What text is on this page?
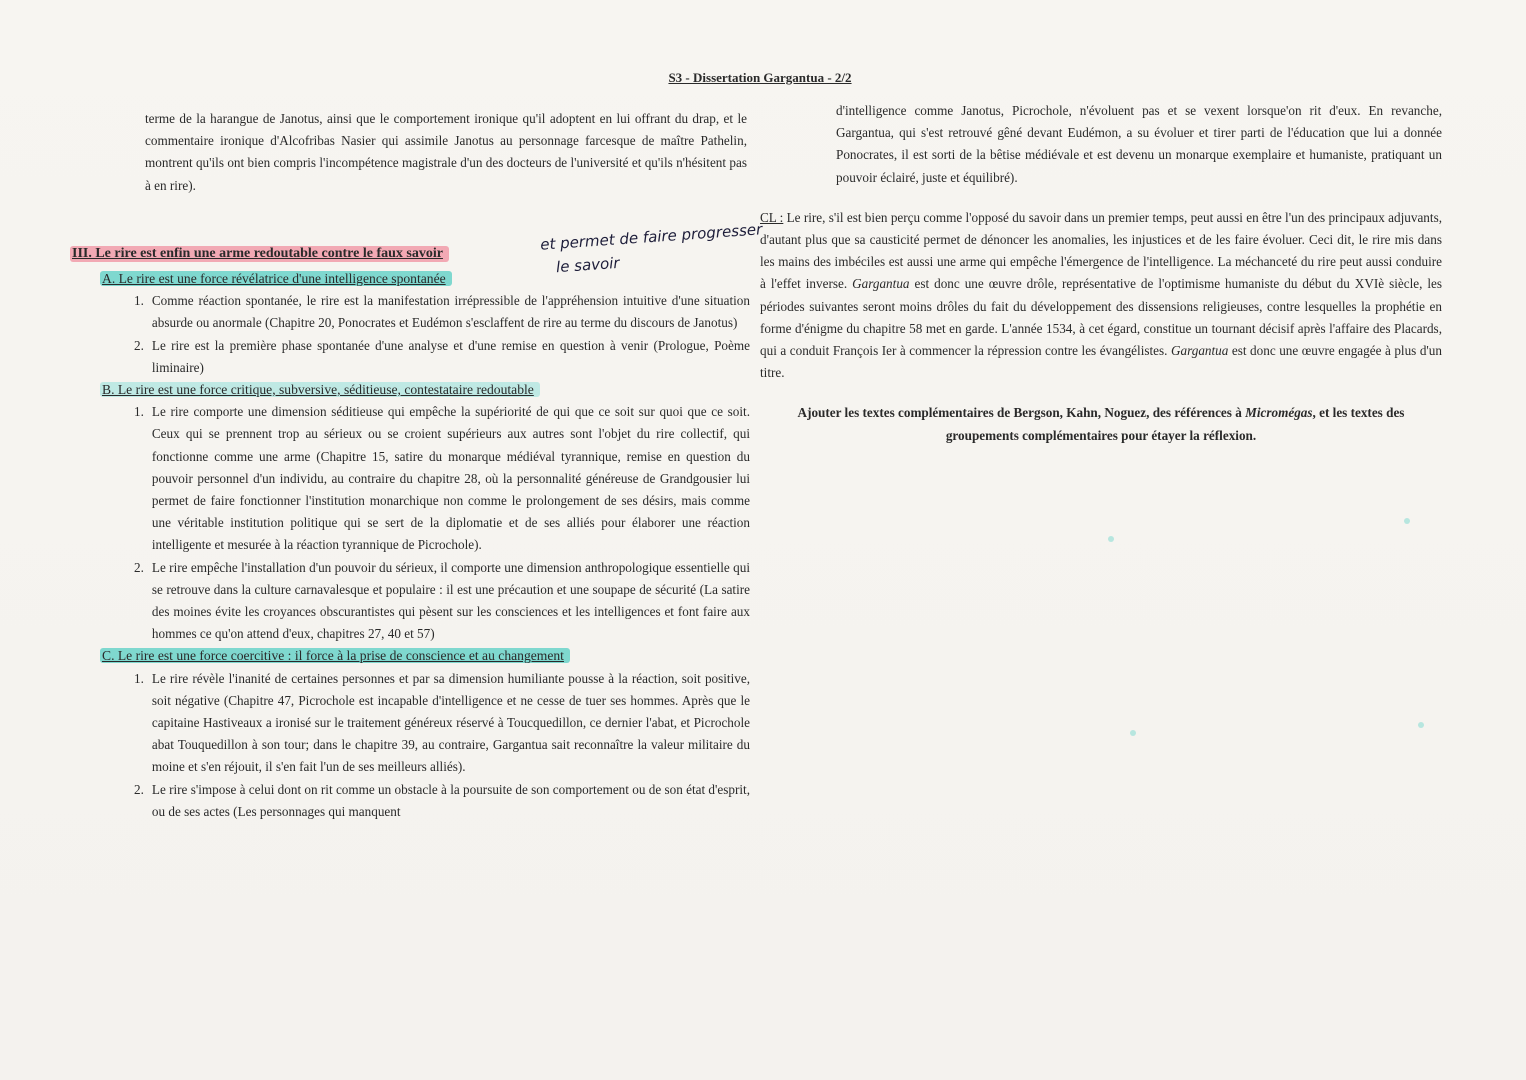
S3 - Dissertation Gargantua - 2/2

terme de la harangue de Janotus, ainsi que le comportement ironique qu'il adoptent en lui offrant du drap, et le commentaire ironique d'Alcofribas Nasier qui assimile Janotus au personnage farcesque de maître Pathelin, montrent qu'ils ont bien compris l'incompétence magistrale d'un des docteurs de l'université et qu'ils n'hésitent pas à en rire).

III. Le rire est enfin une arme redoutable contre le faux savoir	et permet de faire progresser
le savoir
A. Le rire est une force révélatrice d'une intelligence spontanée
1. Comme réaction spontanée, le rire est la manifestation irrépressible de l'appréhension intuitive d'une situation absurde ou anormale (Chapitre 20, Ponocrates et Eudémon s'esclaffent de rire au terme du discours de Janotus)
2. Le rire est la première phase spontanée d'une analyse et d'une remise en question à venir (Prologue, Poème liminaire)
B. Le rire est une force critique, subversive, séditieuse, contestataire redoutable
1. Le rire comporte une dimension séditieuse qui empêche la supériorité de qui que ce soit sur quoi que ce soit. Ceux qui se prennent trop au sérieux ou se croient supérieurs aux autres sont l'objet du rire collectif, qui fonctionne comme une arme (Chapitre 15, satire du monarque médiéval tyrannique, remise en question du pouvoir personnel d'un individu, au contraire du chapitre 28, où la personnalité généreuse de Grandgousier lui permet de faire fonctionner l'institution monarchique non comme le prolongement de ses désirs, mais comme une véritable institution politique qui se sert de la diplomatie et de ses alliés pour élaborer une réaction intelligente et mesurée à la réaction tyrannique de Picrochole).
2. Le rire empêche l'installation d'un pouvoir du sérieux, il comporte une dimension anthropologique essentielle qui se retrouve dans la culture carnavalesque et populaire : il est une précaution et une soupape de sécurité (La satire des moines évite les croyances obscurantistes qui pèsent sur les consciences et les intelligences et font faire aux hommes ce qu'on attend d'eux, chapitres 27, 40 et 57)
C. Le rire est une force coercitive : il force à la prise de conscience et au changement
1. Le rire révèle l'inanité de certaines personnes et par sa dimension humiliante pousse à la réaction, soit positive, soit négative (Chapitre 47, Picrochole est incapable d'intelligence et ne cesse de tuer ses hommes. Après que le capitaine Hastiveaux a ironisé sur le traitement généreux réservé à Toucquedillon, ce dernier l'abat, et Picrochole abat Touquedillon à son tour; dans le chapitre 39, au contraire, Gargantua sait reconnaître la valeur militaire du moine et s'en réjouit, il s'en fait l'un de ses meilleurs alliés).
2. Le rire s'impose à celui dont on rit comme un obstacle à la poursuite de son comportement ou de son état d'esprit, ou de ses actes (Les personnages qui manquent

d'intelligence comme Janotus, Picrochole, n'évoluent pas et se vexent lorsque'on rit d'eux. En revanche, Gargantua, qui s'est retrouvé gêné devant Eudémon, a su évoluer et tirer parti de l'éducation que lui a donnée Ponocrates, il est sorti de la bêtise médiévale et est devenu un monarque exemplaire et humaniste, pratiquant un pouvoir éclairé, juste et équilibré).

CL : Le rire, s'il est bien perçu comme l'opposé du savoir dans un premier temps, peut aussi en être l'un des principaux adjuvants, d'autant plus que sa causticité permet de dénoncer les anomalies, les injustices et de les faire évoluer. Ceci dit, le rire mis dans les mains des imbéciles est aussi une arme qui empêche l'émergence de l'intelligence. La méchanceté du rire peut aussi conduire à l'effet inverse. Gargantua est donc une œuvre drôle, représentative de l'optimisme humaniste du début du XVIè siècle, les périodes suivantes seront moins drôles du fait du développement des dissensions religieuses, contre lesquelles la prophétie en forme d'énigme du chapitre 58 met en garde. L'année 1534, à cet égard, constitue un tournant décisif après l'affaire des Placards, qui a conduit François Ier à commencer la répression contre les évangélistes. Gargantua est donc une œuvre engagée à plus d'un titre.

Ajouter les textes complémentaires de Bergson, Kahn, Noguez, des références à Micromégas, et les textes des groupements complémentaires pour étayer la réflexion.
